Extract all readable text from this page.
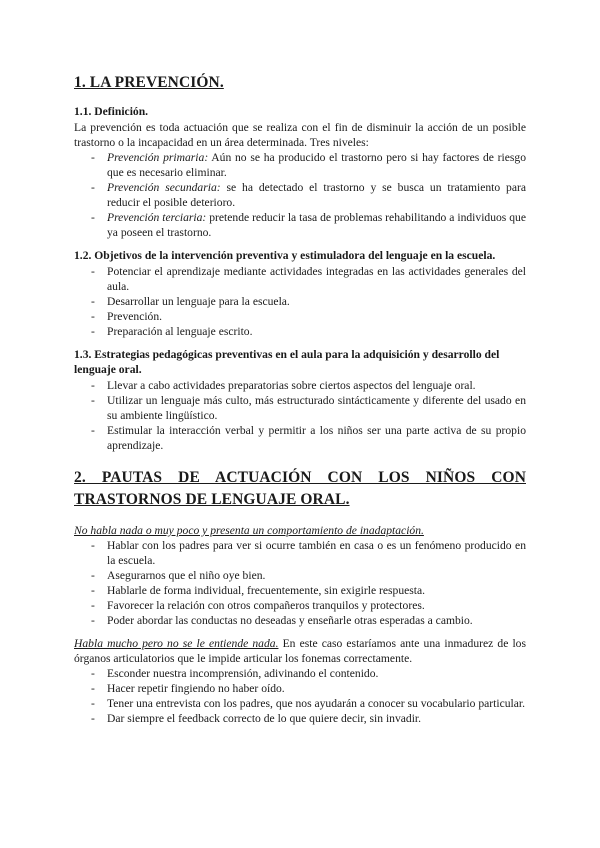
1. LA PREVENCIÓN.
1.1. Definición.

La prevención es toda actuación que se realiza con el fin de disminuir la acción de un posible trastorno o la incapacidad en un área determinada. Tres niveles:

- Prevención primaria: Aún no se ha producido el trastorno pero si hay factores de riesgo que es necesario eliminar.
- Prevención secundaria: se ha detectado el trastorno y se busca un tratamiento para reducir el posible deterioro.
- Prevención terciaria: pretende reducir la tasa de problemas rehabilitando a individuos que ya poseen el trastorno.
1.2. Objetivos de la intervención preventiva y estimuladora del lenguaje en la escuela.
- Potenciar el aprendizaje mediante actividades integradas en las actividades generales del aula.
- Desarrollar un lenguaje para la escuela.
- Prevención.
- Preparación al lenguaje escrito.
1.3. Estrategias pedagógicas preventivas en el aula para la adquisición y desarrollo del lenguaje oral.
- Llevar a cabo actividades preparatorias sobre ciertos aspectos del lenguaje oral.
- Utilizar un lenguaje más culto, más estructurado sintácticamente y diferente del usado en su ambiente lingüístico.
- Estimular la interacción verbal y permitir a los niños ser una parte activa de su propio aprendizaje.
2. PAUTAS DE ACTUACIÓN CON LOS NIÑOS CON
TRASTORNOS DE LENGUAJE ORAL.

No habla nada o muy poco y presenta un comportamiento de inadaptación.

- Hablar con los padres para ver si ocurre también en casa o es un fenómeno producido en la escuela.
- Asegurarnos que el niño oye bien.
- Hablarle de forma individual, frecuentemente, sin exigirle respuesta.
- Favorecer la relación con otros compañeros tranquilos y protectores.
- Poder abordar las conductas no deseadas y enseñarle otras esperadas a cambio.

Habla mucho pero no se le entiende nada. En este caso estaríamos ante una inmadurez de los órganos articulatorios que le impide articular los fonemas correctamente.

- Esconder nuestra incomprensión, adivinando el contenido.
- Hacer repetir fingiendo no haber oído.
- Tener una entrevista con los padres, que nos ayudarán a conocer su vocabulario particular.
- Dar siempre el feedback correcto de lo que quiere decir, sin invadir.
